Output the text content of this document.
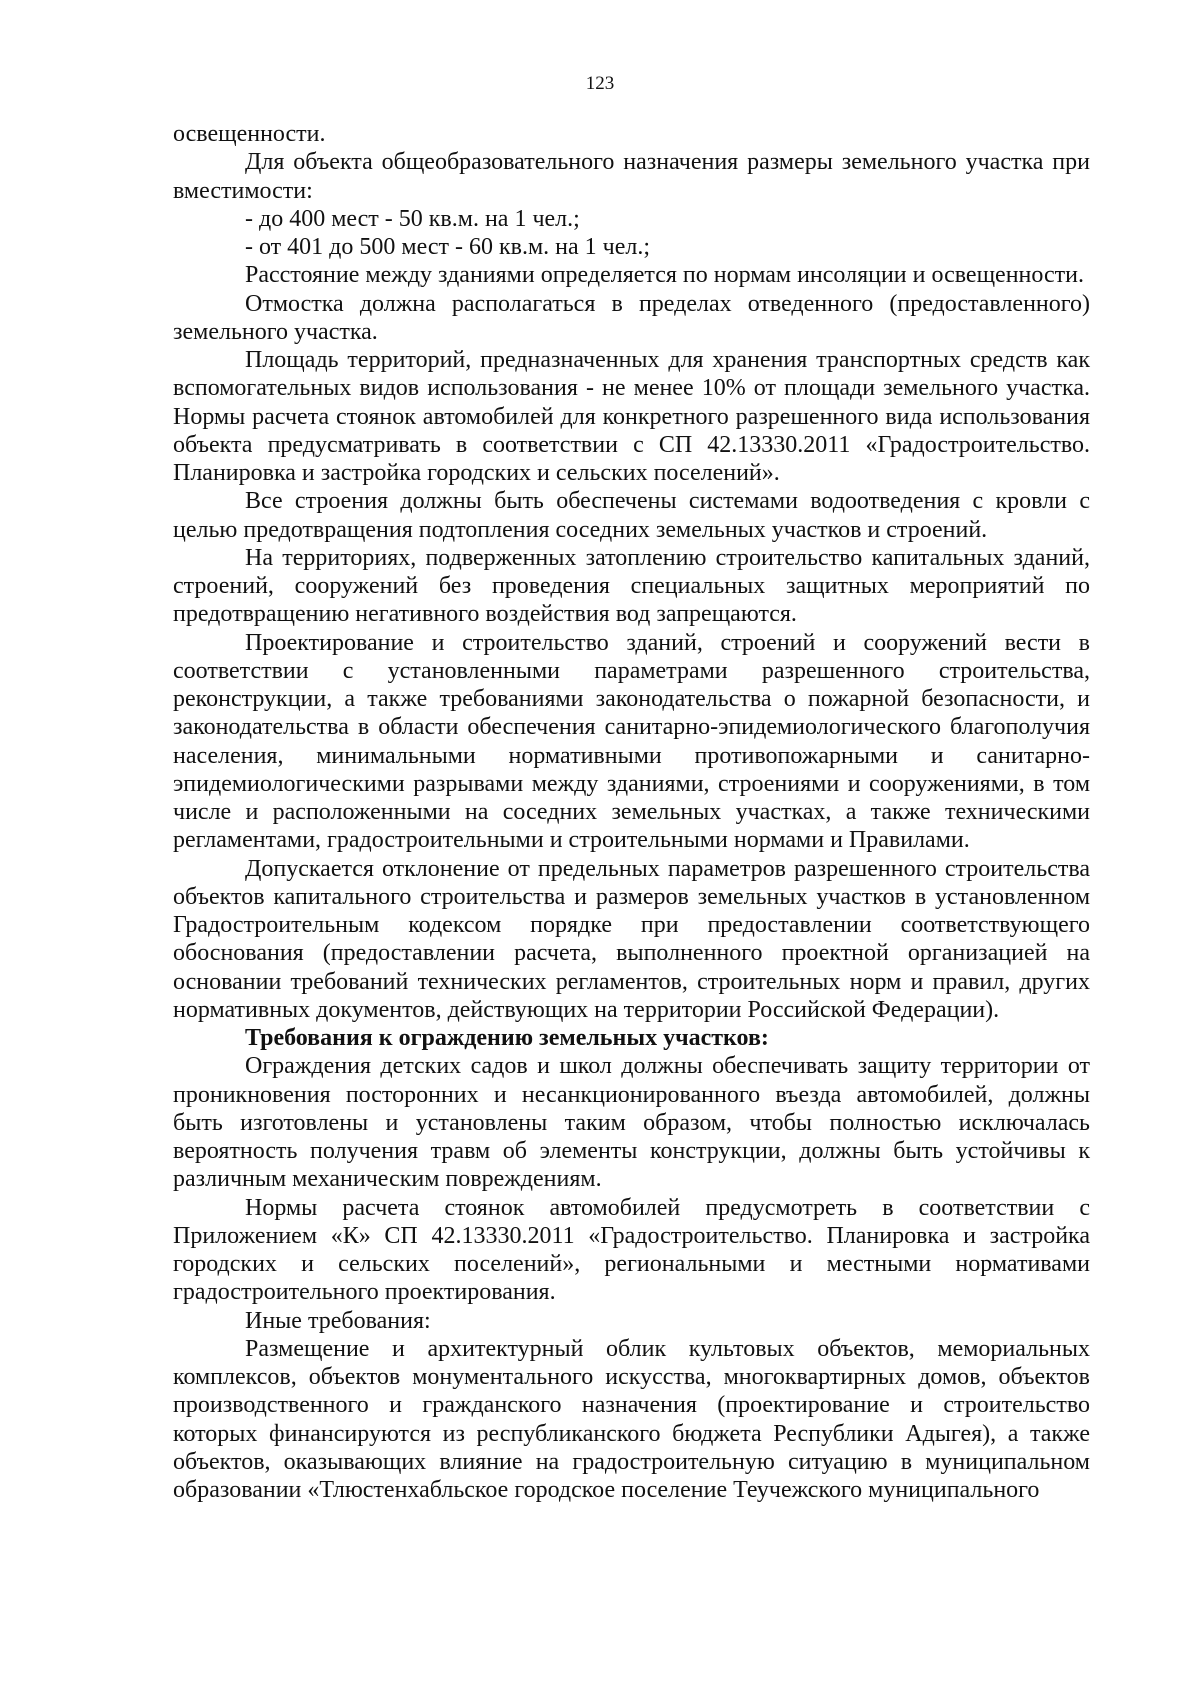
123

освещенности.

Для объекта общеобразовательного назначения размеры земельного участка при вместимости:

- до 400 мест - 50 кв.м. на 1 чел.;

- от 401 до 500 мест - 60 кв.м. на 1 чел.;

Расстояние между зданиями определяется по нормам инсоляции и освещенности.

Отмостка должна располагаться в пределах отведенного (предоставленного) земельного участка.

Площадь территорий, предназначенных для хранения транспортных средств как вспомогательных видов использования - не менее 10% от площади земельного участка. Нормы расчета стоянок автомобилей для конкретного разрешенного вида использования объекта предусматривать в соответствии с СП 42.13330.2011 «Градостроительство. Планировка и застройка городских и сельских поселений».

Все строения должны быть обеспечены системами водоотведения с кровли с целью предотвращения подтопления соседних земельных участков и строений.

На территориях, подверженных затоплению строительство капитальных зданий, строений, сооружений без проведения специальных защитных мероприятий по предотвращению негативного воздействия вод запрещаются.

Проектирование и строительство зданий, строений и сооружений вести в соответствии с установленными параметрами разрешенного строительства, реконструкции, а также требованиями законодательства о пожарной безопасности, и законодательства в области обеспечения санитарно-эпидемиологического благополучия населения, минимальными нормативными противопожарными и санитарно-эпидемиологическими разрывами между зданиями, строениями и сооружениями, в том числе и расположенными на соседних земельных участках, а также техническими регламентами, градостроительными и строительными нормами и Правилами.

Допускается отклонение от предельных параметров разрешенного строительства объектов капитального строительства и размеров земельных участков в установленном Градостроительным кодексом порядке при предоставлении соответствующего обоснования (предоставлении расчета, выполненного проектной организацией на основании требований технических регламентов, строительных норм и правил, других нормативных документов, действующих на территории Российской Федерации).

Требования к ограждению земельных участков:

Ограждения детских садов и школ должны обеспечивать защиту территории от проникновения посторонних и несанкционированного въезда автомобилей, должны быть изготовлены и установлены таким образом, чтобы полностью исключалась вероятность получения травм об элементы конструкции, должны быть устойчивы к различным механическим повреждениям.

Нормы расчета стоянок автомобилей предусмотреть в соответствии с Приложением «К» СП 42.13330.2011 «Градостроительство. Планировка и застройка городских и сельских поселений», региональными и местными нормативами градостроительного проектирования.

Иные требования:

Размещение и архитектурный облик культовых объектов, мемориальных комплексов, объектов монументального искусства, многоквартирных домов, объектов производственного и гражданского назначения (проектирование и строительство которых финансируются из республиканского бюджета Республики Адыгея), а также объектов, оказывающих влияние на градостроительную ситуацию в муниципальном образовании «Тлюстенхабльское городское поселение Теучежского муниципального
